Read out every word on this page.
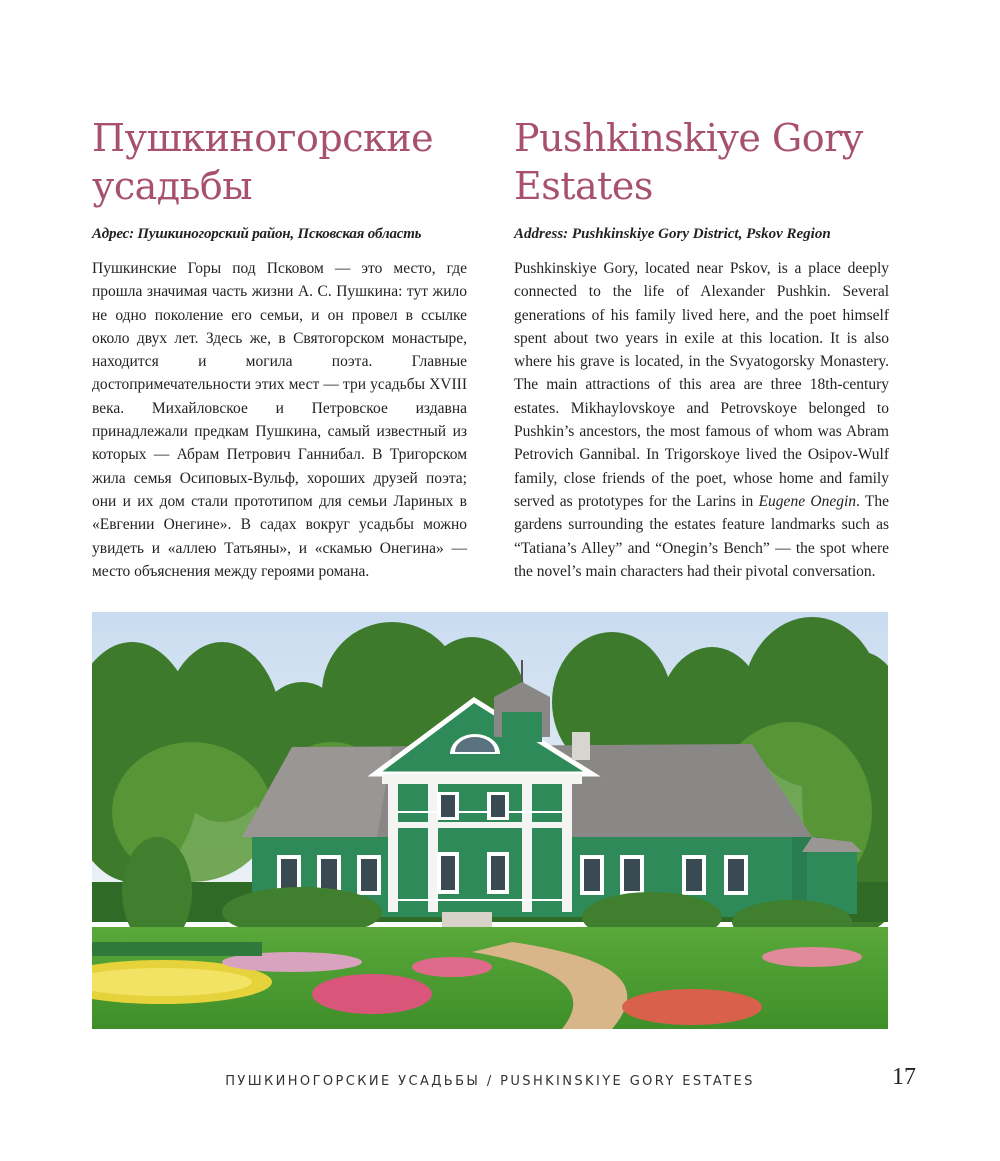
Пушкиногорские усадьбы
Pushkinskiye Gory Estates
Адрес: Пушкиногорский район, Псковская область	Address: Pushkinskiye Gory District, Pskov Region

Пушкинские Горы под Псковом — это место, где прошла значимая часть жизни А. С. Пушкина: тут жило не одно поколение его семьи, и он провел в ссылке около двух лет. Здесь же, в Святогорском монастыре, находится и могила поэта. Главные достопримечательности этих мест — три усадьбы XVIII века. Михайловское и Петровское издавна принадлежали предкам Пушкина, самый известный из которых — Абрам Петрович Ганнибал. В Тригорском жила семья Осиповых-Вульф, хороших друзей поэта; они и их дом стали прототипом для семьи Лариных в «Евгении Онегине». В садах вокруг усадьбы можно увидеть и «аллею Татьяны», и «скамью Онегина» — место объяснения между героями романа.

Pushkinskiye Gory, located near Pskov, is a place deeply connected to the life of Alexander Pushkin. Several generations of his family lived here, and the poet himself spent about two years in exile at this location. It is also where his grave is located, in the Svyatogorsky Monastery. The main attractions of this area are three 18th-century estates. Mikhaylovskoye and Petrovskoye belonged to Pushkin’s ancestors, the most famous of whom was Abram Petrovich Gannibal. In Trigorskoye lived the Osipov-Wulf family, close friends of the poet, whose home and family served as prototypes for the Larins in Eugene Onegin. The gardens surrounding the estates feature landmarks such as “Tatiana’s Alley” and “Onegin’s Bench” — the spot where the novel’s main characters had their pivotal conversation.

ПУШКИНОГОРСКИЕ УСАДЬБЫ / PUSHKINSKIYE GORY ESTATES	17
